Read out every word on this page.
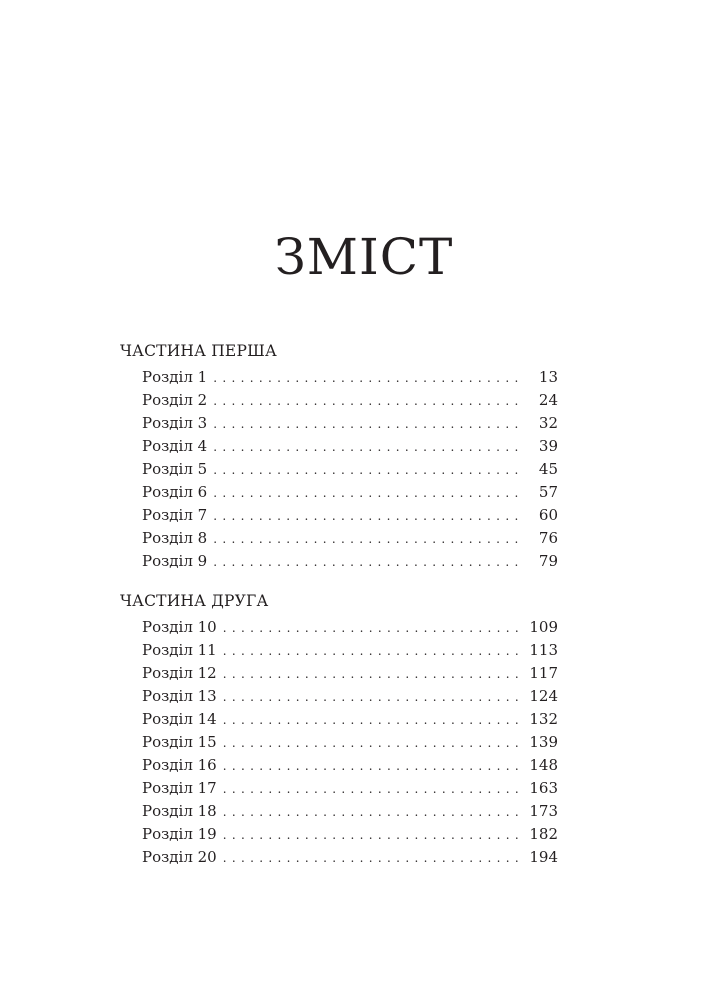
ЗМІСТ
ЧАСТИНА ПЕРША
Розділ 1 . . .	13
Розділ 2 . . .	24
Розділ 3 . . .	32
Розділ 4 . . .	39
Розділ 5 . . .	45
Розділ 6 . . .	57
Розділ 7 . . .	60
Розділ 8 . . .	76
Розділ 9 . . .	79
ЧАСТИНА ДРУГА
Розділ 10 . . .	109
Розділ 11 . . .	113
Розділ 12 . . .	117
Розділ 13 . . .	124
Розділ 14 . . .	132
Розділ 15 . . .	139
Розділ 16 . . .	148
Розділ 17 . . .	163
Розділ 18 . . .	173
Розділ 19 . . .	182
Розділ 20 . . .	194
